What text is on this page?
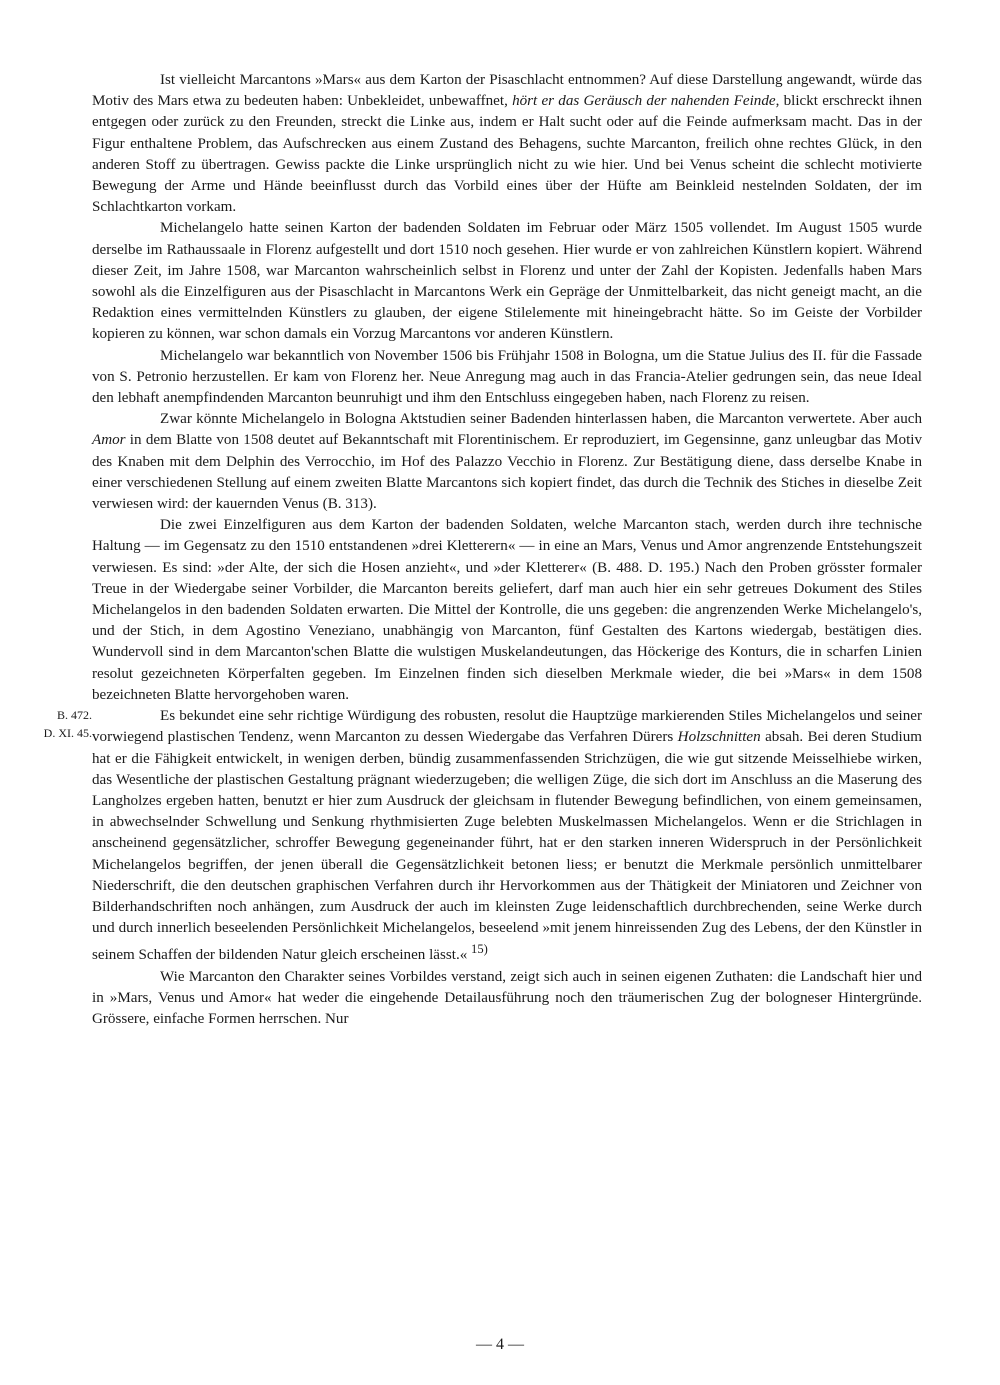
Ist vielleicht Marcantons »Mars« aus dem Karton der Pisaschlacht entnommen? Auf diese Darstellung angewandt, würde das Motiv des Mars etwa zu bedeuten haben: Unbekleidet, unbewaffnet, hört er das Geräusch der nahenden Feinde, blickt erschreckt ihnen entgegen oder zurück zu den Freunden, streckt die Linke aus, indem er Halt sucht oder auf die Feinde aufmerksam macht. Das in der Figur enthaltene Problem, das Aufschrecken aus einem Zustand des Behagens, suchte Marcanton, freilich ohne rechtes Glück, in den anderen Stoff zu übertragen. Gewiss packte die Linke ursprünglich nicht zu wie hier. Und bei Venus scheint die schlecht motivierte Bewegung der Arme und Hände beeinflusst durch das Vorbild eines über der Hüfte am Beinkleid nestelnden Soldaten, der im Schlachtkarton vorkam.

Michelangelo hatte seinen Karton der badenden Soldaten im Februar oder März 1505 vollendet. Im August 1505 wurde derselbe im Rathaussaale in Florenz aufgestellt und dort 1510 noch gesehen. Hier wurde er von zahlreichen Künstlern kopiert. Während dieser Zeit, im Jahre 1508, war Marcanton wahrscheinlich selbst in Florenz und unter der Zahl der Kopisten. Jedenfalls haben Mars sowohl als die Einzelfiguren aus der Pisaschlacht in Marcantons Werk ein Gepräge der Unmittelbarkeit, das nicht geneigt macht, an die Redaktion eines vermittelnden Künstlers zu glauben, der eigene Stilelemente mit hineingebracht hätte. So im Geiste der Vorbilder kopieren zu können, war schon damals ein Vorzug Marcantons vor anderen Künstlern.

Michelangelo war bekanntlich von November 1506 bis Frühjahr 1508 in Bologna, um die Statue Julius des II. für die Fassade von S. Petronio herzustellen. Er kam von Florenz her. Neue Anregung mag auch in das Francia-Atelier gedrungen sein, das neue Ideal den lebhaft anempfindenden Marcanton beunruhigt und ihm den Entschluss eingegeben haben, nach Florenz zu reisen.

Zwar könnte Michelangelo in Bologna Aktstudien seiner Badenden hinterlassen haben, die Marcanton verwertete. Aber auch Amor in dem Blatte von 1508 deutet auf Bekanntschaft mit Florentinischem. Er reproduziert, im Gegensinne, ganz unleugbar das Motiv des Knaben mit dem Delphin des Verrocchio, im Hof des Palazzo Vecchio in Florenz. Zur Bestätigung diene, dass derselbe Knabe in einer verschiedenen Stellung auf einem zweiten Blatte Marcantons sich kopiert findet, das durch die Technik des Stiches in dieselbe Zeit verwiesen wird: der kauernden Venus (B. 313).

Die zwei Einzelfiguren aus dem Karton der badenden Soldaten, welche Marcanton stach, werden durch ihre technische Haltung — im Gegensatz zu den 1510 entstandenen »drei Kletterern« — in eine an Mars, Venus und Amor angrenzende Entstehungszeit verwiesen. Es sind: »der Alte, der sich die Hosen anzieht«, und »der Kletterer« (B. 488. D. 195.) Nach den Proben grösster formaler Treue in der Wiedergabe seiner Vorbilder, die Marcanton bereits geliefert, darf man auch hier ein sehr getreues Dokument des Stiles Michelangelos in den badenden Soldaten erwarten. Die Mittel der Kontrolle, die uns gegeben: die angrenzenden Werke Michelangelo's, und der Stich, in dem Agostino Veneziano, unabhängig von Marcanton, fünf Gestalten des Kartons wiedergab, bestätigen dies. Wundervoll sind in dem Marcanton'schen Blatte die wulstigen Muskelandeutungen, das Höckerige des Konturs, die in scharfen Linien resolut gezeichneten Körperfalten gegeben. Im Einzelnen finden sich dieselben Merkmale wieder, die bei »Mars« in dem 1508 bezeichneten Blatte hervorgehoben waren.

Es bekundet eine sehr richtige Würdigung des robusten, resolut die Hauptzüge markierenden Stiles Michelangelos und seiner vorwiegend plastischen Tendenz, wenn Marcanton zu dessen Wiedergabe das Verfahren Dürers Holzschnitten absah. Bei deren Studium hat er die Fähigkeit entwickelt, in wenigen derben, bündig zusammenfassenden Strichzügen, die wie gut sitzende Meisselhiebe wirken, das Wesentliche der plastischen Gestaltung prägnant wiederzugeben; die welligen Züge, die sich dort im Anschluss an die Maserung des Langholzes ergeben hatten, benutzt er hier zum Ausdruck der gleichsam in flutender Bewegung befindlichen, von einem gemeinsamen, in abwechselnder Schwellung und Senkung rhythmisierten Zuge belebten Muskelmassen Michelangelos. Wenn er die Strichlagen in anscheinend gegensätzlicher, schroffer Bewegung gegeneinander führt, hat er den starken inneren Widerspruch in der Persönlichkeit Michelangelos begriffen, der jenen überall die Gegensätzlichkeit betonen liess; er benutzt die Merkmale persönlich unmittelbarer Niederschrift, die den deutschen graphischen Verfahren durch ihr Hervorkommen aus der Thätigkeit der Miniatoren und Zeichner von Bilderhandschriften noch anhängen, zum Ausdruck der auch im kleinsten Zuge leidenschaftlich durchbrechenden, seine Werke durch und durch innerlich beseelenden Persönlichkeit Michelangelos, beseelend »mit jenem hinreissenden Zug des Lebens, der den Künstler in seinem Schaffen der bildenden Natur gleich erscheinen lässt.« $^{15)}$

Wie Marcanton den Charakter seines Vorbildes verstand, zeigt sich auch in seinen eigenen Zuthaten: die Landschaft hier und in »Mars, Venus und Amor« hat weder die eingehende Detailausführung noch den träumerischen Zug der bologneser Hintergründe. Grössere, einfache Formen herrschen. Nur

B. 472.
D. XI. 45.
— 4 —
